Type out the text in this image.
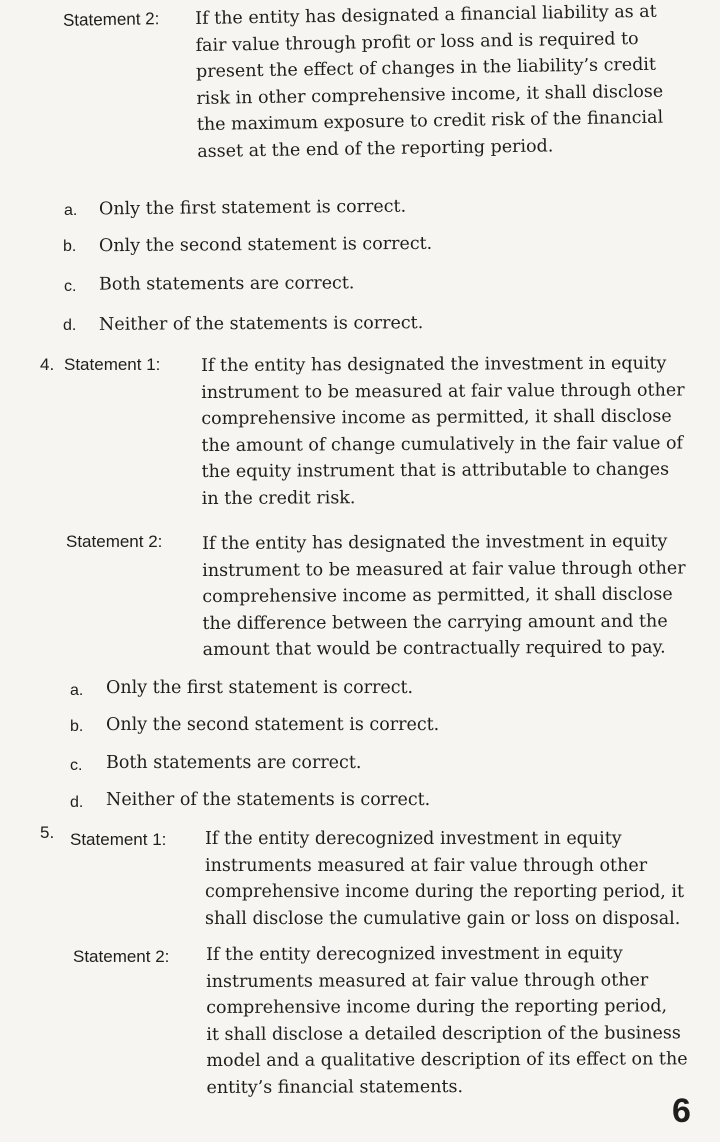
Statement 2: If the entity has designated a financial liability as at
fair value through profit or loss and is required to
present the effect of changes in the liability’s credit
risk in other comprehensive income, it shall disclose
the maximum exposure to credit risk of the financial
asset at the end of the reporting period.
a. Only the first statement is correct.
b. Only the second statement is correct.
c. Both statements are correct.
d. Neither of the statements is correct.
4. Statement 1: If the entity has designated the investment in equity
instrument to be measured at fair value through other
comprehensive income as permitted, it shall disclose
the amount of change cumulatively in the fair value of
the equity instrument that is attributable to changes
in the credit risk.
Statement 2: If the entity has designated the investment in equity
instrument to be measured at fair value through other
comprehensive income as permitted, it shall disclose
the difference between the carrying amount and the
amount that would be contractually required to pay.
a. Only the first statement is correct.
b. Only the second statement is correct.
c. Both statements are correct.
d. Neither of the statements is correct.
5. Statement 1: If the entity derecognized investment in equity
instruments measured at fair value through other
comprehensive income during the reporting period, it
shall disclose the cumulative gain or loss on disposal.
Statement 2: If the entity derecognized investment in equity
instruments measured at fair value through other
comprehensive income during the reporting period,
it shall disclose a detailed description of the business
model and a qualitative description of its effect on the
entity’s financial statements.
6
